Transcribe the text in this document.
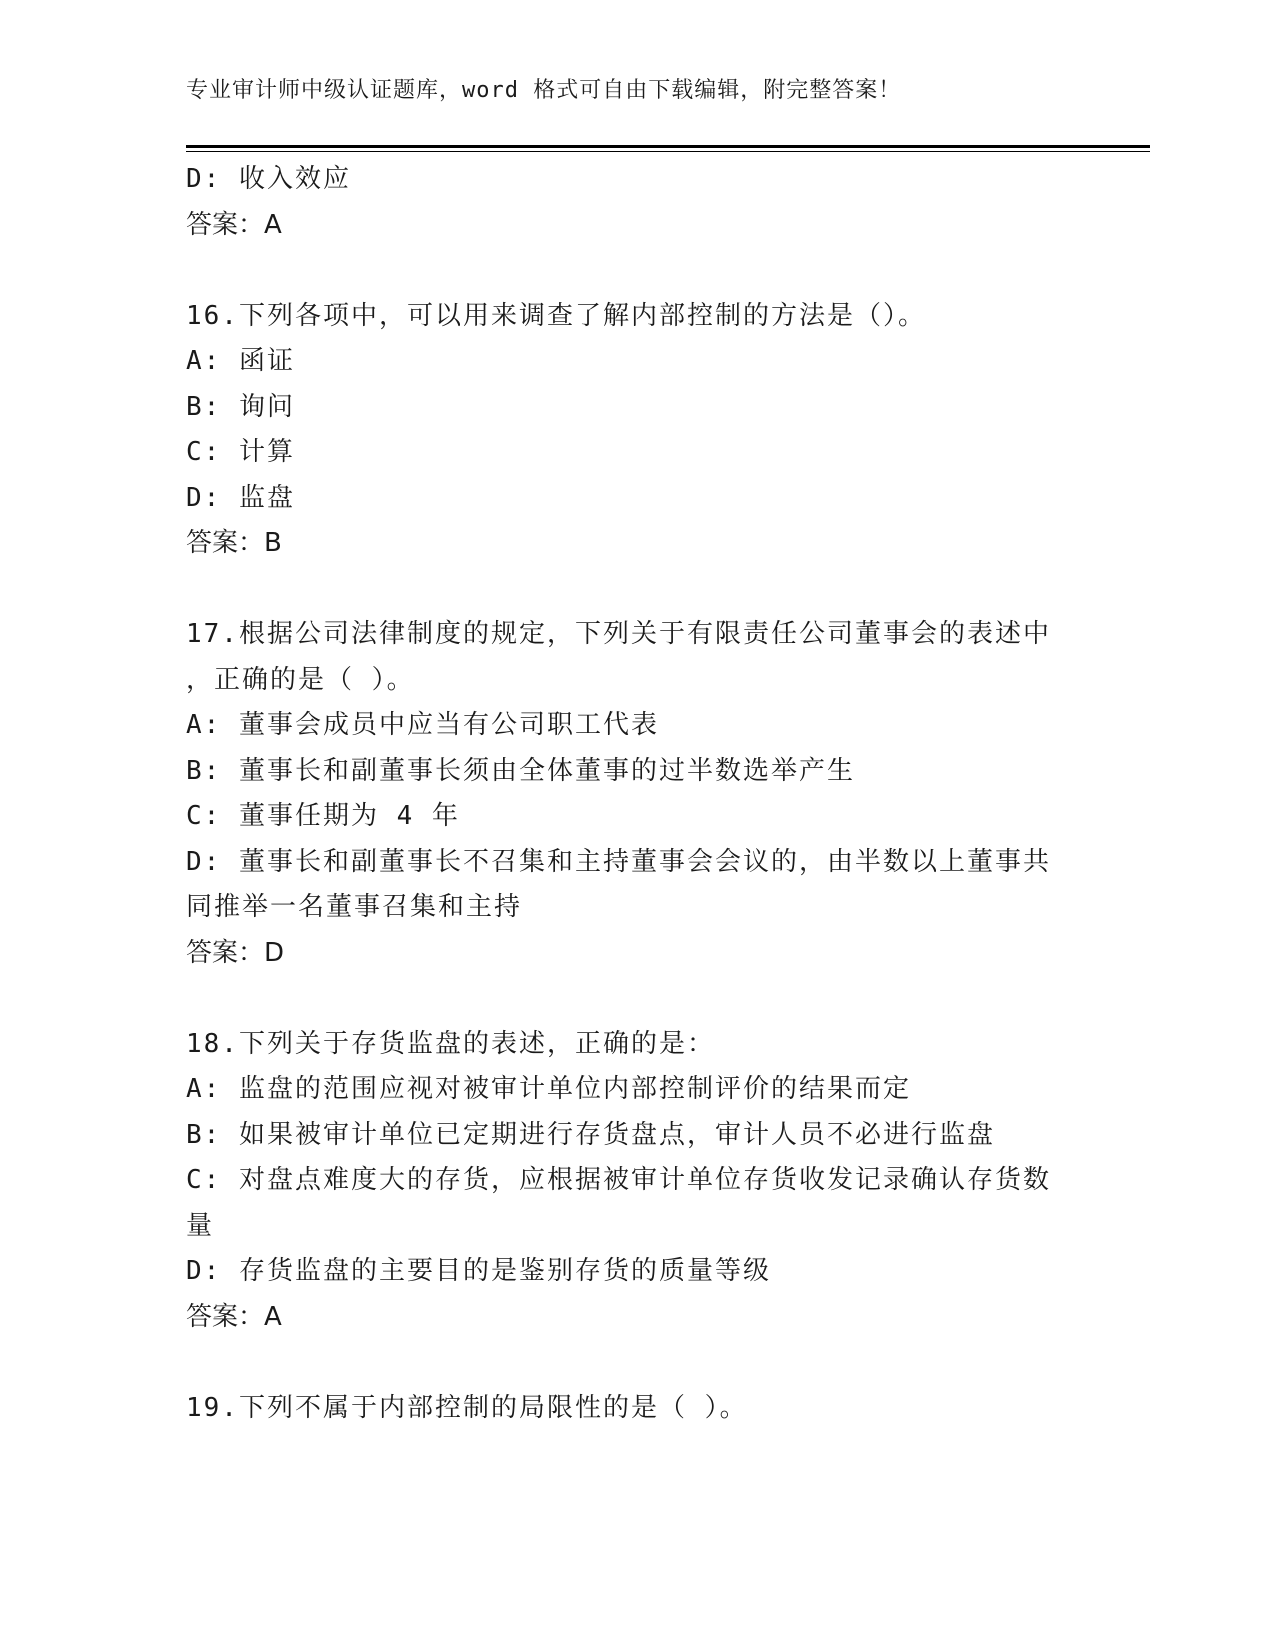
专业审计师中级认证题库，word 格式可自由下载编辑，附完整答案！
D: 收入效应
答案：A
16.下列各项中，可以用来调查了解内部控制的方法是（）。
A: 函证
B: 询问
C: 计算
D: 监盘
答案：B
17.根据公司法律制度的规定，下列关于有限责任公司董事会的表述中
，正确的是（ ）。
A: 董事会成员中应当有公司职工代表
B: 董事长和副董事长须由全体董事的过半数选举产生
C: 董事任期为 4 年
D: 董事长和副董事长不召集和主持董事会会议的，由半数以上董事共
同推举一名董事召集和主持
答案：D
18.下列关于存货监盘的表述，正确的是：
A: 监盘的范围应视对被审计单位内部控制评价的结果而定
B: 如果被审计单位已定期进行存货盘点，审计人员不必进行监盘
C: 对盘点难度大的存货，应根据被审计单位存货收发记录确认存货数
量
D: 存货监盘的主要目的是鉴别存货的质量等级
答案：A
19.下列不属于内部控制的局限性的是（ ）。
